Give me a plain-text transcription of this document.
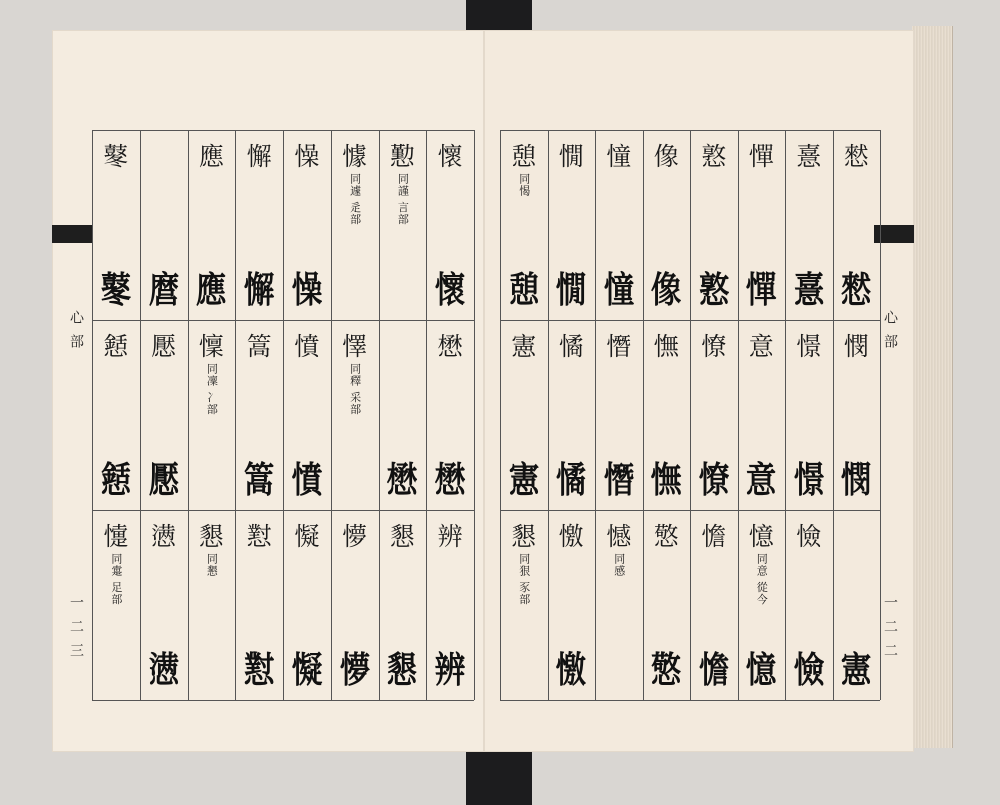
心部
一二三
懷
懷
懋
懋
辨
辨
懃
同謹 言部
懋
懇
懇
懅
同遽 辵部
懌
同釋 采部
懜
懜
懆
懆
憤
憤
懝
懝
懈
懈
篙
篙
懟
懟
應
應
懍
同凜 冫部
懇
同懇
麿
懕
懕
懑
懑
鼕
鼕
懖
懖
懥
同疐 足部
心部
一二二
憖
憖
憫
憫
憲
憙
憙
憬
憬
憸
憸
憚
憚
意
意
憶
同意 從今
憶
憝
憝
憭
憭
憺
憺
像
像
憮
憮
憼
憼
憧
憧
憯
憯
憾
同感
憪
憪
憰
憰
憿
憿
憩
同愒
憩
憲
憲
懇
同狠 豕部
